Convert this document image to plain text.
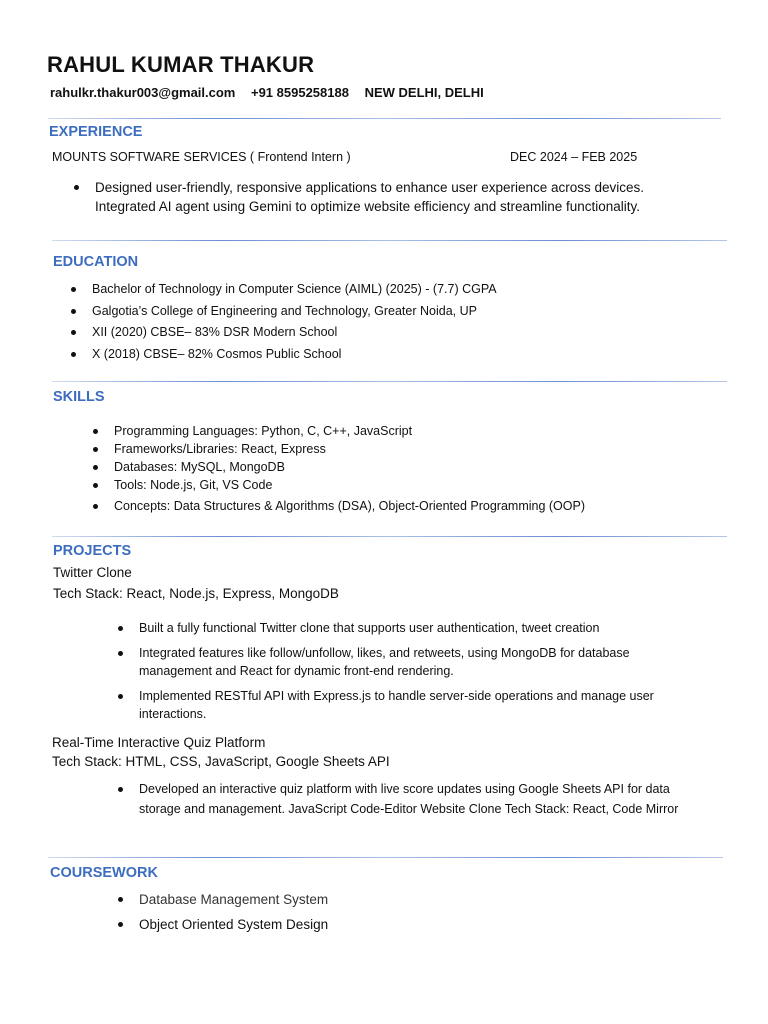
RAHUL KUMAR THAKUR
rahulkr.thakur003@gmail.com +91 8595258188 NEW DELHI, DELHI
EXPERIENCE
MOUNTS SOFTWARE SERVICES ( Frontend Intern )	DEC 2024 – FEB 2025
Designed user-friendly, responsive applications to enhance user experience across devices.
Integrated AI agent using Gemini to optimize website efficiency and streamline functionality.
EDUCATION
Bachelor of Technology in Computer Science (AIML) (2025) - (7.7) CGPA
Galgotia’s College of Engineering and Technology, Greater Noida, UP
XII (2020) CBSE– 83% DSR Modern School
X (2018) CBSE– 82% Cosmos Public School
SKILLS
Programming Languages: Python, C, C++, JavaScript
Frameworks/Libraries: React, Express
Databases: MySQL, MongoDB
Tools: Node.js, Git, VS Code
Concepts: Data Structures & Algorithms (DSA), Object-Oriented Programming (OOP)
PROJECTS
Twitter Clone
Tech Stack: React, Node.js, Express, MongoDB
Built a fully functional Twitter clone that supports user authentication, tweet creation
Integrated features like follow/unfollow, likes, and retweets, using MongoDB for database management and React for dynamic front-end rendering.
Implemented RESTful API with Express.js to handle server-side operations and manage user interactions.
Real-Time Interactive Quiz Platform
Tech Stack: HTML, CSS, JavaScript, Google Sheets API
Developed an interactive quiz platform with live score updates using Google Sheets API for data storage and management. JavaScript Code-Editor Website Clone Tech Stack: React, Code Mirror
COURSEWORK
Database Management System
Object Oriented System Design
